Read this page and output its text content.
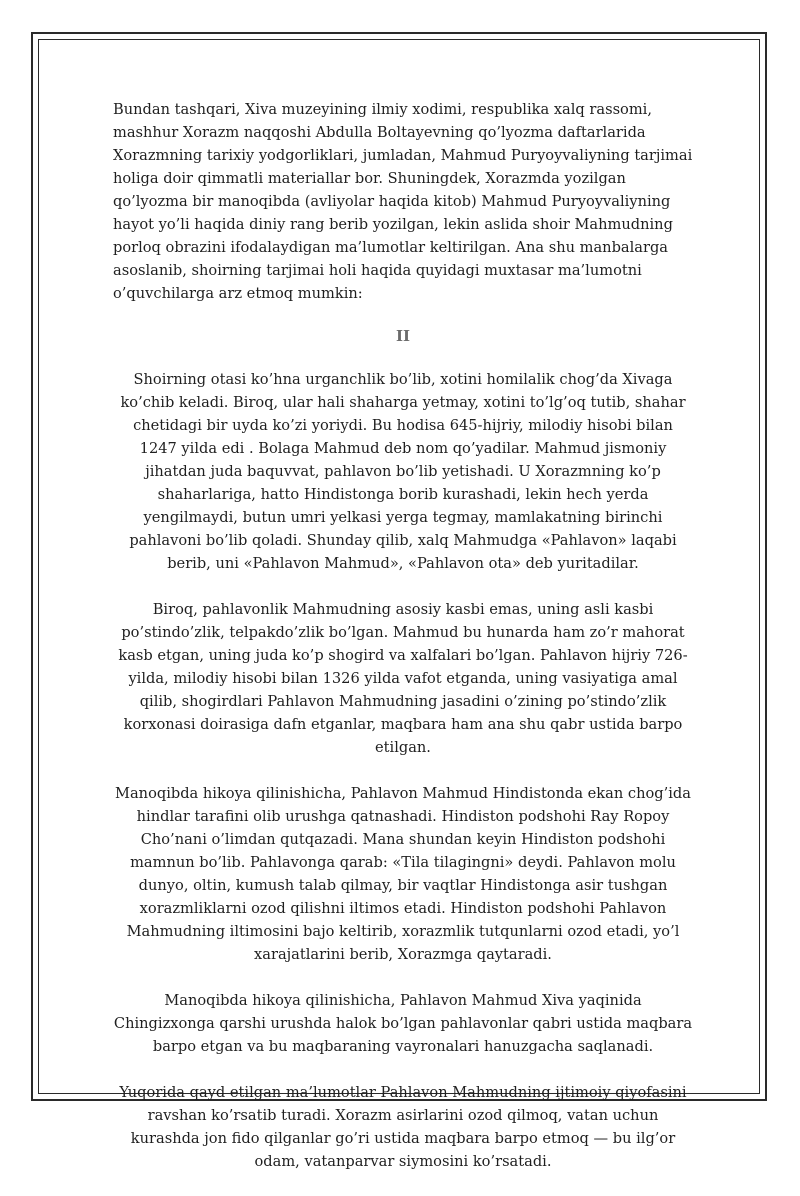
Bundan tashqari, Xiva muzeyining ilmiy xodimi, respublika xalq rassomi, mashhur Xorazm naqqoshi Abdulla Boltayevning qo’lyozma daftarlarida Xorazmning tarixiy yodgorliklari, jumladan, Mahmud Puryoyvaliyning tarjimai holiga doir qimmatli materiallar bor. Shuningdek, Xorazmda yozilgan qo’lyozma bir manoqibda (avliyolar haqida kitob) Mahmud Puryoyvaliyning hayot yo’li haqida diniy rang berib yozilgan, lekin aslida shoir Mahmudning porloq obrazini ifodalaydigan ma’lumotlar keltirilgan. Ana shu manbalarga asoslanib, shoirning tarjimai holi haqida quyidagi muxtasar ma’lumotni o’quvchilarga arz etmoq mumkin:

II

Shoirning otasi ko’hna urganchlik bo’lib, xotini homilalik chog’da Xivaga ko’chib keladi. Biroq, ular hali shaharga yetmay, xotini to’lg’oq tutib, shahar chetidagi bir uyda ko’zi yoriydi. Bu hodisa 645-hijriy, milodiy hisobi bilan 1247 yilda edi . Bolaga Mahmud deb nom qo’yadilar. Mahmud jismoniy jihatdan juda baquvvat, pahlavon bo’lib yetishadi. U Xorazmning ko’p shaharlariga, hatto Hindistonga borib kurashadi, lekin hech yerda yengilmaydi, butun umri yelkasi yerga tegmay, mamlakatning birinchi pahlavoni bo’lib qoladi. Shunday qilib, xalq Mahmudga «Pahlavon» laqabi berib, uni «Pahlavon Mahmud», «Pahlavon ota» deb yuritadilar.

Biroq, pahlavonlik Mahmudning asosiy kasbi emas, uning asli kasbi po’stindo’zlik, telpakdo’zlik bo’lgan. Mahmud bu hunarda ham zo’r mahorat kasb etgan, uning juda ko’p shogird va xalfalari bo’lgan. Pahlavon hijriy 726-yilda, milodiy hisobi bilan 1326 yilda vafot etganda, uning vasiyatiga amal qilib, shogirdlari Pahlavon Mahmudning jasadini o’zining po’stindo’zlik korxonasi doirasiga dafn etganlar, maqbara ham ana shu qabr ustida barpo etilgan.

Manoqibda hikoya qilinishicha, Pahlavon Mahmud Hindistonda ekan chog’ida hindlar tarafini olib urushga qatnashadi. Hindiston podshohi Ray Ropoy Cho’nani o’limdan qutqazadi. Mana shundan keyin Hindiston podshohi mamnun bo’lib. Pahlavonga qarab: «Tila tilagingni» deydi. Pahlavon molu dunyo, oltin, kumush talab qilmay, bir vaqtlar Hindistonga asir tushgan xorazmliklarni ozod qilishni iltimos etadi. Hindiston podshohi Pahlavon Mahmudning iltimosini bajo keltirib, xorazmlik tutqunlarni ozod etadi, yo’l xarajatlarini berib, Xorazmga qaytaradi.

Manoqibda hikoya qilinishicha, Pahlavon Mahmud Xiva yaqinida Chingizxonga qarshi urushda halok bo’lgan pahlavonlar qabri ustida maqbara barpo etgan va bu maqbaraning vayronalari hanuzgacha saqlanadi.

Yuqorida qayd etilgan ma’lumotlar Pahlavon Mahmudning ijtimoiy qiyofasini ravshan ko’rsatib turadi. Xorazm asirlarini ozod qilmoq, vatan uchun kurashda jon fido qilganlar go’ri ustida maqbara barpo etmoq — bu ilg’or odam, vatanparvar siymosini ko’rsatadi.
